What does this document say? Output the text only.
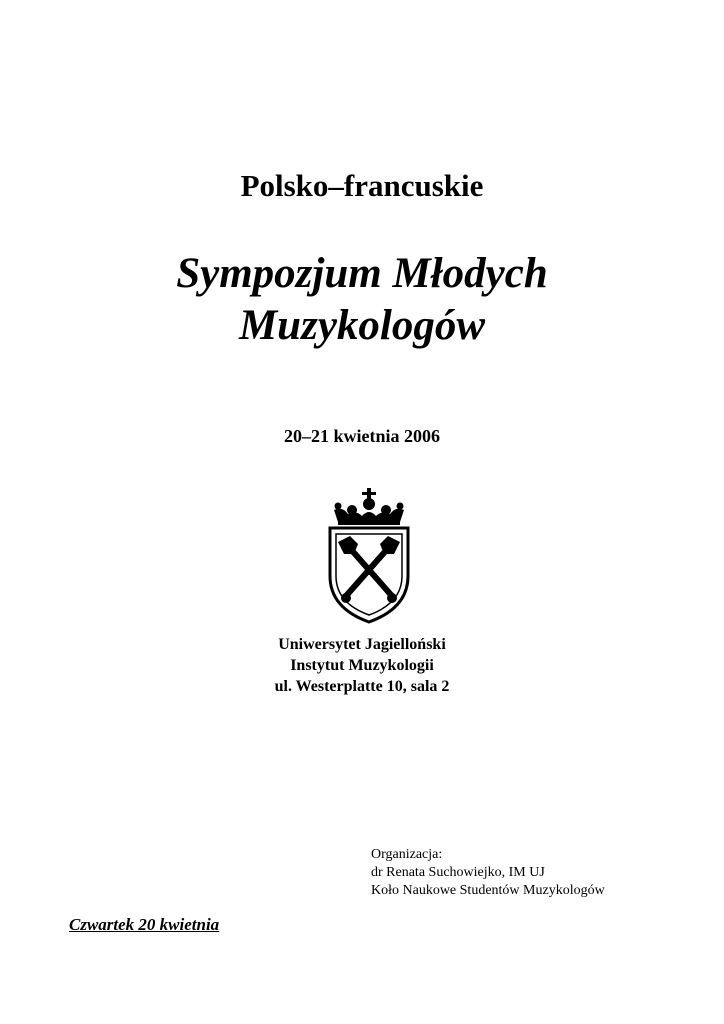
Polsko–francuskie
Sympozjum Młodych
Muzykologów
20–21 kwietnia 2006
Uniwersytet Jagielloński
Instytut Muzykologii
ul. Westerplatte 10, sala 2
Organizacja:
dr Renata Suchowiejko, IM UJ
Koło Naukowe Studentów Muzykologów
Czwartek 20 kwietnia
